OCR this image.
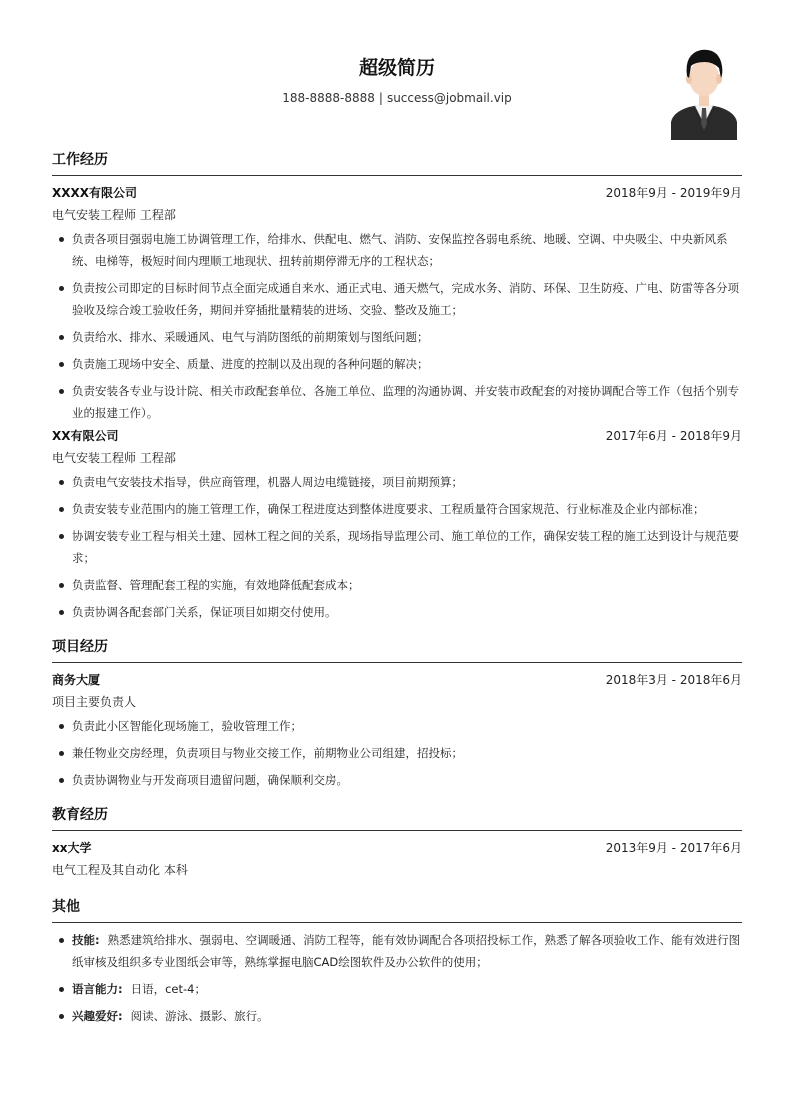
超级简历
188-8888-8888 | success@jobmail.vip
工作经历
XXXX有限公司	2018年9月 - 2019年9月
电气安装工程师 工程部
负责各项目强弱电施工协调管理工作，给排水、供配电、燃气、消防、安保监控各弱电系统、地暖、空调、中央吸尘、中央新风系统、电梯等，极短时间内理顺工地现状、扭转前期停滞无序的工程状态；
负责按公司即定的目标时间节点全面完成通自来水、通正式电、通天燃气，完成水务、消防、环保、卫生防疫、广电、防雷等各分项验收及综合竣工验收任务，期间并穿插批量精装的进场、交验、整改及施工；
负责给水、排水、采暖通风、电气与消防图纸的前期策划与图纸问题；
负责施工现场中安全、质量、进度的控制以及出现的各种问题的解决；
负责安装各专业与设计院、相关市政配套单位、各施工单位、监理的沟通协调、并安装市政配套的对接协调配合等工作（包括个别专业的报建工作）。
XX有限公司	2017年6月 - 2018年9月
电气安装工程师 工程部
负责电气安装技术指导，供应商管理，机器人周边电缆链接，项目前期预算；
负责安装专业范围内的施工管理工作，确保工程进度达到整体进度要求、工程质量符合国家规范、行业标准及企业内部标准；
协调安装专业工程与相关土建、园林工程之间的关系，现场指导监理公司、施工单位的工作，确保安装工程的施工达到设计与规范要求；
负责监督、管理配套工程的实施，有效地降低配套成本；
负责协调各配套部门关系，保证项目如期交付使用。
项目经历
商务大厦	2018年3月 - 2018年6月
项目主要负责人
负责此小区智能化现场施工，验收管理工作；
兼任物业交房经理，负责项目与物业交接工作，前期物业公司组建，招投标；
负责协调物业与开发商项目遗留问题，确保顺利交房。
教育经历
xx大学	2013年9月 - 2017年6月
电气工程及其自动化 本科
其他
技能: 熟悉建筑给排水、强弱电、空调暖通、消防工程等，能有效协调配合各项招投标工作，熟悉了解各项验收工作、能有效进行图纸审核及组织多专业图纸会审等，熟练掌握电脑CAD绘图软件及办公软件的使用；
语言能力: 日语，cet-4；
兴趣爱好: 阅读、游泳、摄影、旅行。
